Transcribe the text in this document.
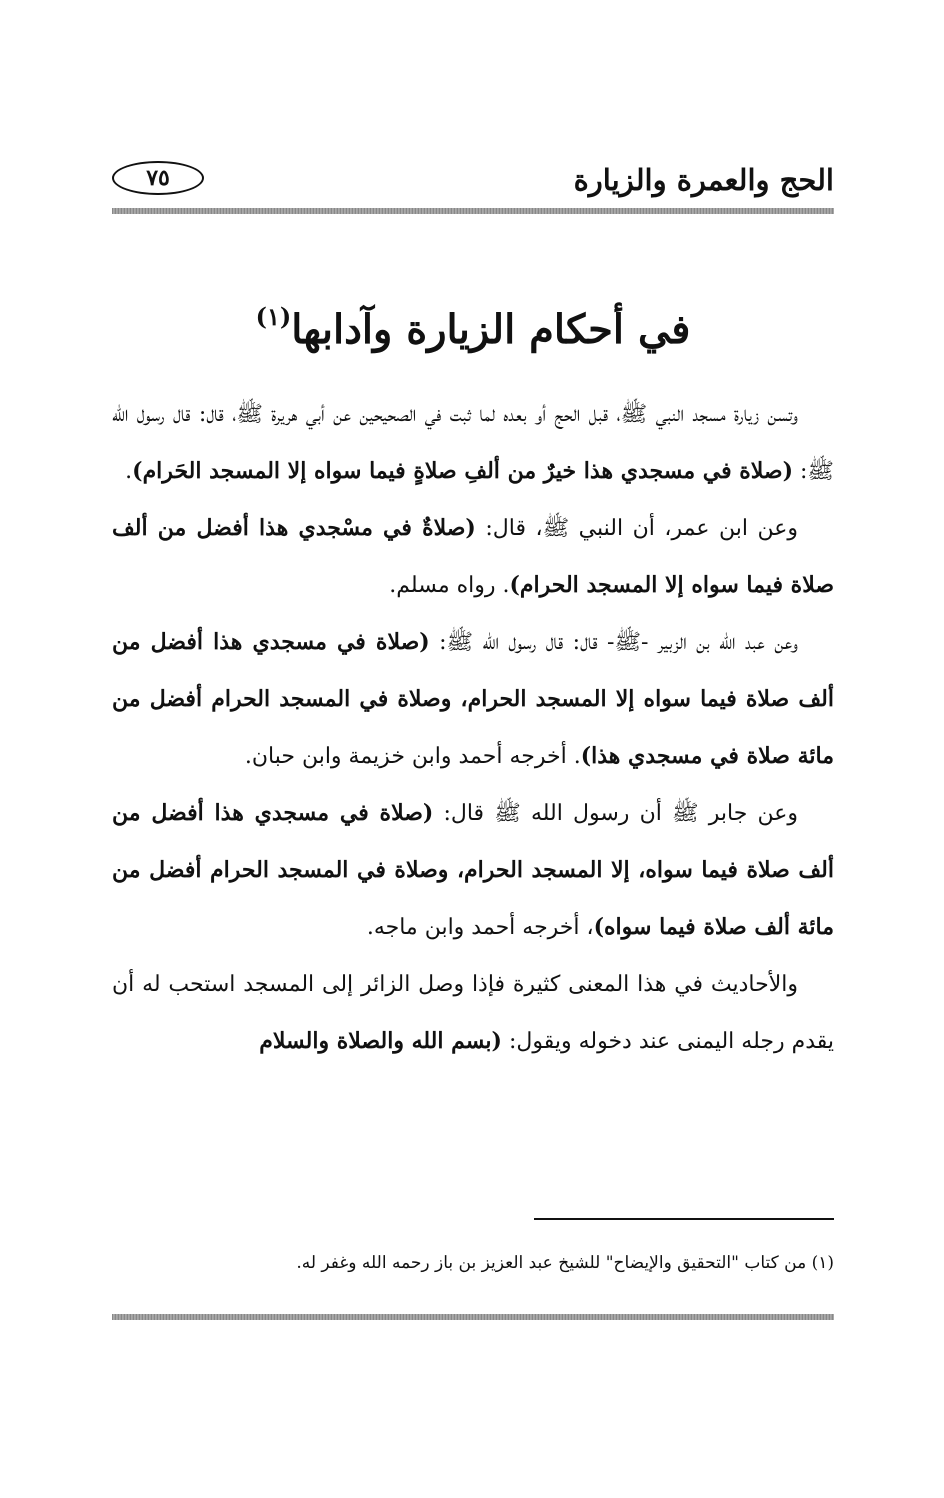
الحج والعمرة والزيارة
٧٥
في أحكام الزيارة وآدابها$^{(١)}$

وتسن زيارة مسجد النبي ﷺ، قبل الحج أو بعده لما ثبت في الصحيحين عن أبي هريرة ﷺ، قال: قال رسول الله ﷺ: (صلاة في مسجدي هذا خيرٌ من ألفِ صلاةٍ فيما سواه إلا المسجد الحَرام).

وعن ابن عمر، أن النبي ﷺ، قال: (صلاةٌ في مسْجدي هذا أفضل من ألف صلاة فيما سواه إلا المسجد الحرام). رواه مسلم.

وعن عبد الله بن الزبير -ﷺ- قال: قال رسول الله ﷺ: (صلاة في مسجدي هذا أفضل من ألف صلاة فيما سواه إلا المسجد الحرام، وصلاة في المسجد الحرام أفضل من مائة صلاة في مسجدي هذا). أخرجه أحمد وابن خزيمة وابن حبان.

وعن جابر ﷺ أن رسول الله ﷺ قال: (صلاة في مسجدي هذا أفضل من ألف صلاة فيما سواه، إلا المسجد الحرام، وصلاة في المسجد الحرام أفضل من مائة ألف صلاة فيما سواه)، أخرجه أحمد وابن ماجه.

والأحاديث في هذا المعنى كثيرة فإذا وصل الزائر إلى المسجد استحب له أن يقدم رجله اليمنى عند دخوله ويقول: (بسم الله والصلاة والسلام

(١) من كتاب "التحقيق والإيضاح" للشيخ عبد العزيز بن باز رحمه الله وغفر له.
